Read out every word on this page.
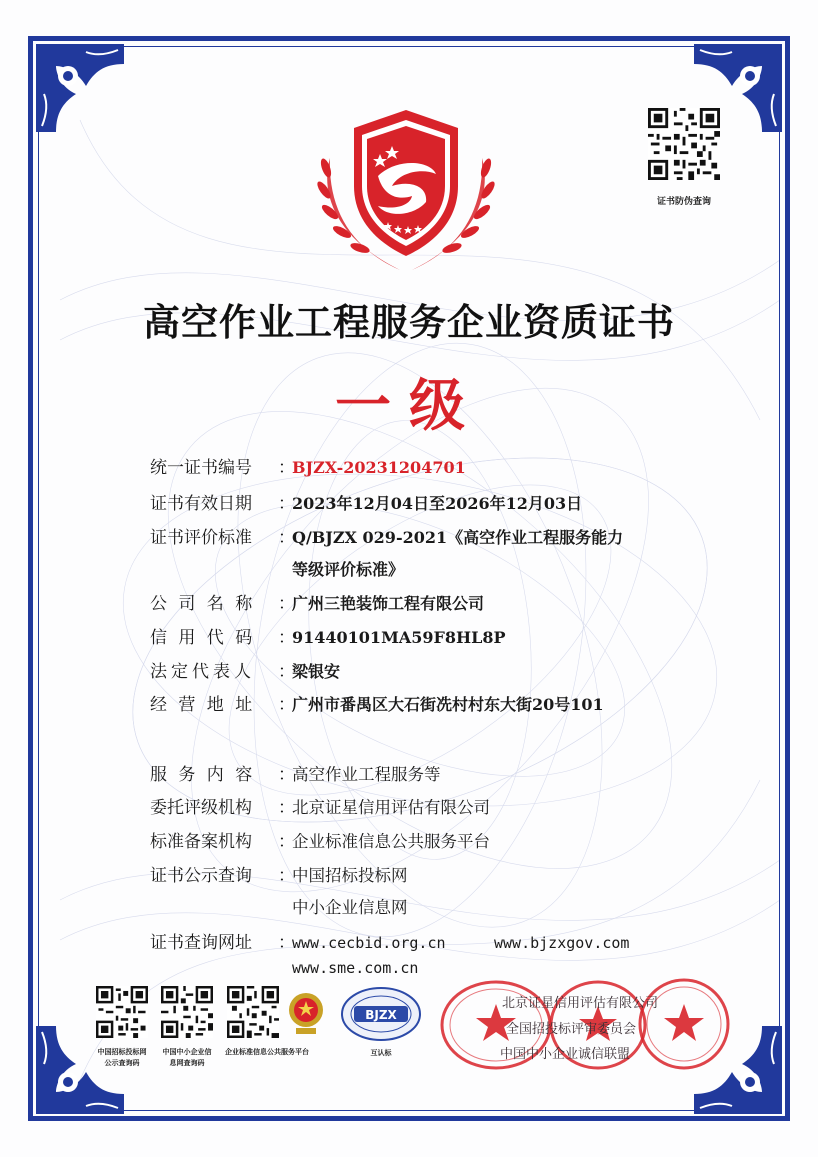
证书防伪查询
高空作业工程服务企业资质证书
一级
统一证书编号	：
BJZX-20231204701
证书有效日期	：
2023年12月04日至2026年12月03日
证书评价标准	：
Q/BJZX 029-2021《高空作业工程服务能力
等级评价标准》
公 司 名 称	：
广州三艳装饰工程有限公司
信 用 代 码	：
91440101MA59F8HL8P
法定代表人	：
梁银安
经 营 地 址	：
广州市番禺区大石街冼村村东大街20号101
服 务 内 容	：
高空作业工程服务等
委托评级机构	：
北京证星信用评估有限公司
标准备案机构	：
企业标准信息公共服务平台
证书公示查询	：
中国招标投标网
中小企业信息网
证书查询网址	：
www.cecbid.org.cn	www.bjzxgov.com
www.sme.com.cn
中国招标投标网
公示查询码
中国中小企业信
息网查询码
企业标准信息公共服务平台
BJZX
互认标
北京证星信用评估有限公司
全国招投标评审委员会
中国中小企业诚信联盟
